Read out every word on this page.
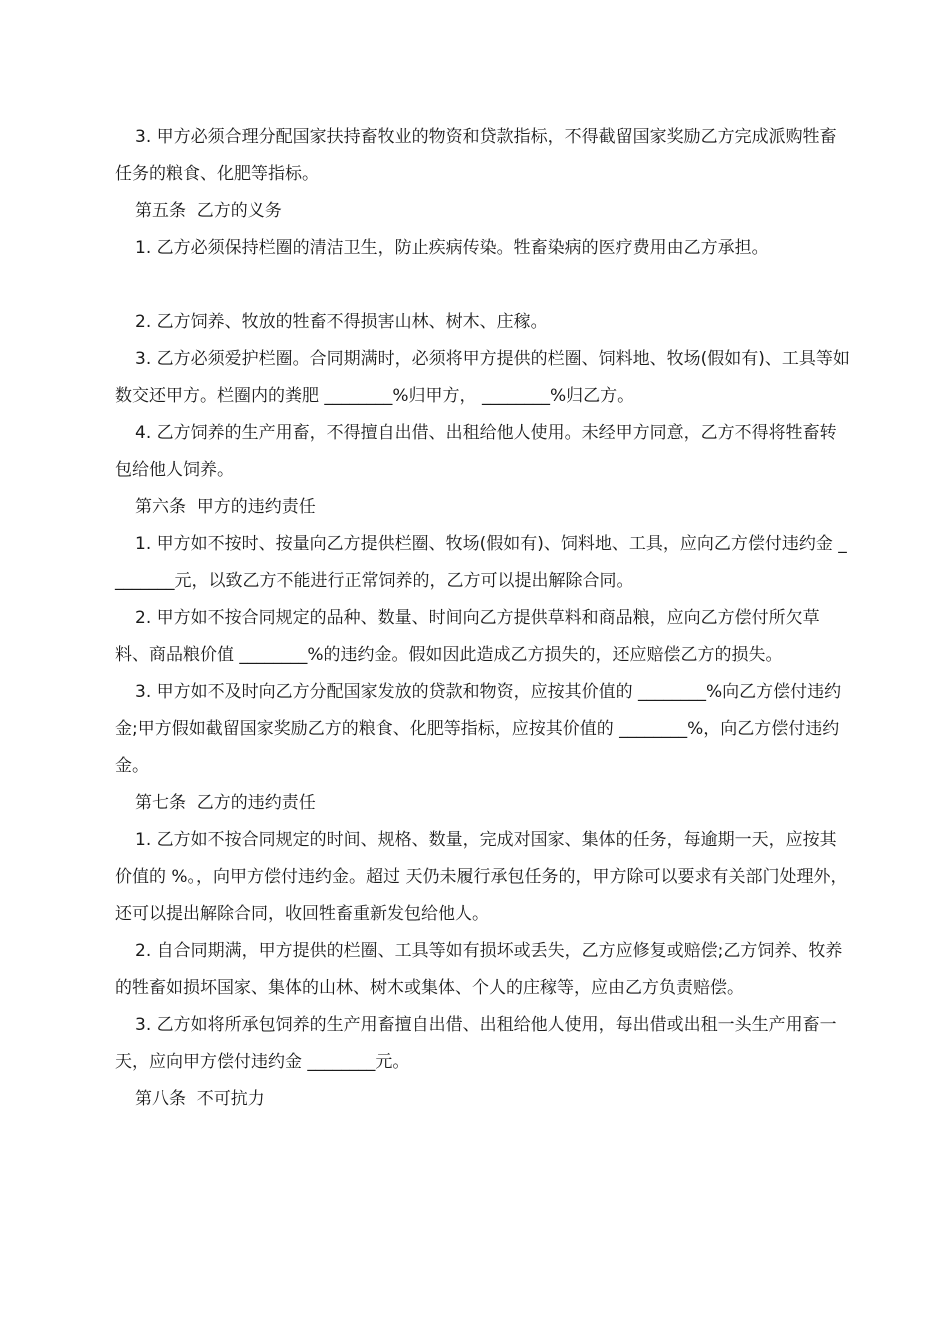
3. 甲方必须合理分配国家扶持畜牧业的物资和贷款指标，不得截留国家奖励乙方完成派购牲畜任务的粮食、化肥等指标。

第五条  乙方的义务

1. 乙方必须保持栏圈的清洁卫生，防止疾病传染。牲畜染病的医疗费用由乙方承担。

2. 乙方饲养、牧放的牲畜不得损害山林、树木、庄稼。

3. 乙方必须爱护栏圈。合同期满时，必须将甲方提供的栏圈、饲料地、牧场(假如有)、工具等如数交还甲方。栏圈内的粪肥 ________%归甲方， ________%归乙方。

4. 乙方饲养的生产用畜，不得擅自出借、出租给他人使用。未经甲方同意，乙方不得将牲畜转包给他人饲养。

第六条  甲方的违约责任

1. 甲方如不按时、按量向乙方提供栏圈、牧场(假如有)、饲料地、工具，应向乙方偿付违约金 ________元，以致乙方不能进行正常饲养的，乙方可以提出解除合同。

2. 甲方如不按合同规定的品种、数量、时间向乙方提供草料和商品粮，应向乙方偿付所欠草料、商品粮价值 ________%的违约金。假如因此造成乙方损失的，还应赔偿乙方的损失。

3. 甲方如不及时向乙方分配国家发放的贷款和物资，应按其价值的 ________%向乙方偿付违约金;甲方假如截留国家奖励乙方的粮食、化肥等指标，应按其价值的 ________%，向乙方偿付违约金。

第七条  乙方的违约责任

1. 乙方如不按合同规定的时间、规格、数量，完成对国家、集体的任务，每逾期一天，应按其价值的 %。，向甲方偿付违约金。超过 天仍未履行承包任务的，甲方除可以要求有关部门处理外，还可以提出解除合同，收回牲畜重新发包给他人。

2. 自合同期满，甲方提供的栏圈、工具等如有损坏或丢失，乙方应修复或赔偿;乙方饲养、牧养的牲畜如损坏国家、集体的山林、树木或集体、个人的庄稼等，应由乙方负责赔偿。

3. 乙方如将所承包饲养的生产用畜擅自出借、出租给他人使用，每出借或出租一头生产用畜一天，应向甲方偿付违约金 ________元。

第八条  不可抗力
